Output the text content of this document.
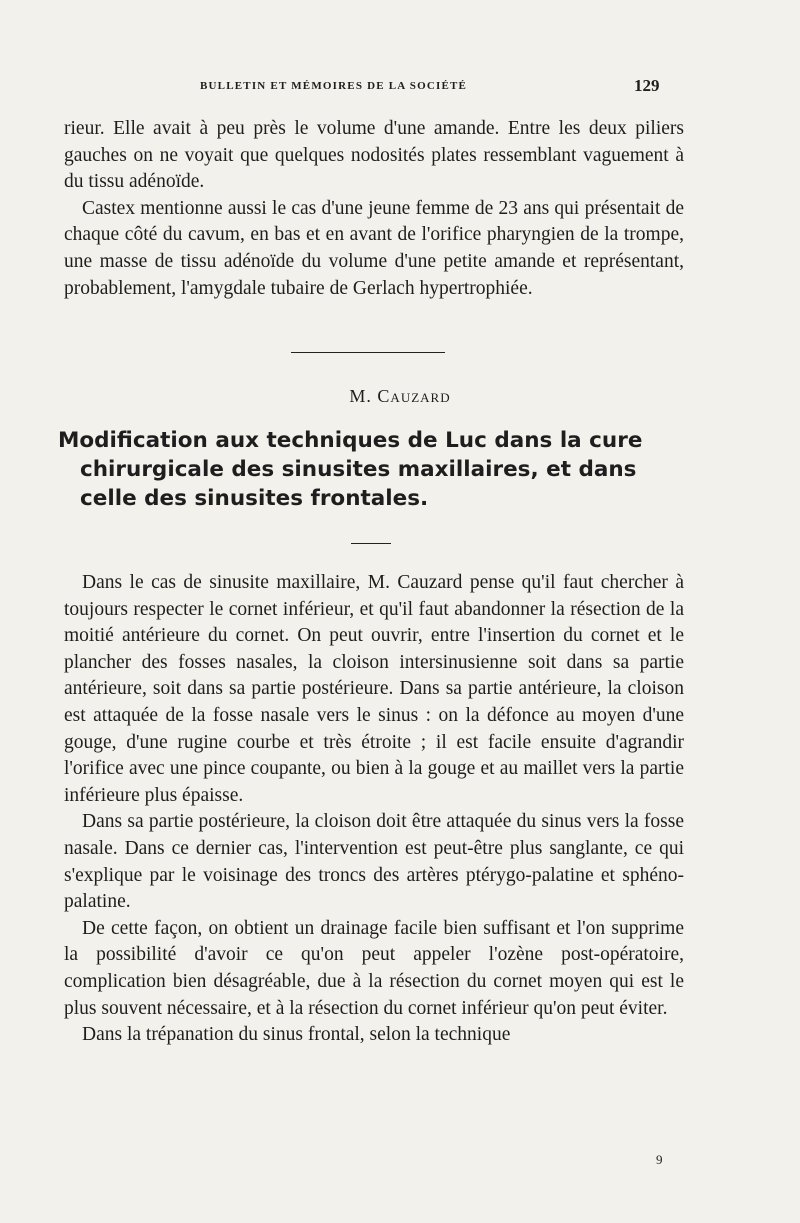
BULLETIN ET MÉMOIRES DE LA SOCIÉTÉ	129

rieur. Elle avait à peu près le volume d'une amande. Entre les deux piliers gauches on ne voyait que quelques nodosités plates ressemblant vaguement à du tissu adénoïde.

Castex mentionne aussi le cas d'une jeune femme de 23 ans qui présentait de chaque côté du cavum, en bas et en avant de l'orifice pharyngien de la trompe, une masse de tissu adénoïde du volume d'une petite amande et représentant, probablement, l'amygdale tubaire de Gerlach hypertrophiée.

M. Cauzard
Modification aux techniques de Luc dans la cure
chirurgicale des sinusites maxillaires, et dans
celle des sinusites frontales.

Dans le cas de sinusite maxillaire, M. Cauzard pense qu'il faut chercher à toujours respecter le cornet inférieur, et qu'il faut abandonner la résection de la moitié antérieure du cornet. On peut ouvrir, entre l'insertion du cornet et le plancher des fosses nasales, la cloison intersinusienne soit dans sa partie antérieure, soit dans sa partie postérieure. Dans sa partie antérieure, la cloison est attaquée de la fosse nasale vers le sinus : on la défonce au moyen d'une gouge, d'une rugine courbe et très étroite ; il est facile ensuite d'agrandir l'orifice avec une pince coupante, ou bien à la gouge et au maillet vers la partie inférieure plus épaisse.

Dans sa partie postérieure, la cloison doit être attaquée du sinus vers la fosse nasale. Dans ce dernier cas, l'intervention est peut-être plus sanglante, ce qui s'explique par le voisinage des troncs des artères ptérygo-palatine et sphéno-palatine.

De cette façon, on obtient un drainage facile bien suffisant et l'on supprime la possibilité d'avoir ce qu'on peut appeler l'ozène post-opératoire, complication bien désagréable, due à la résection du cornet moyen qui est le plus souvent nécessaire, et à la résection du cornet inférieur qu'on peut éviter.

Dans la trépanation du sinus frontal, selon la technique

9
